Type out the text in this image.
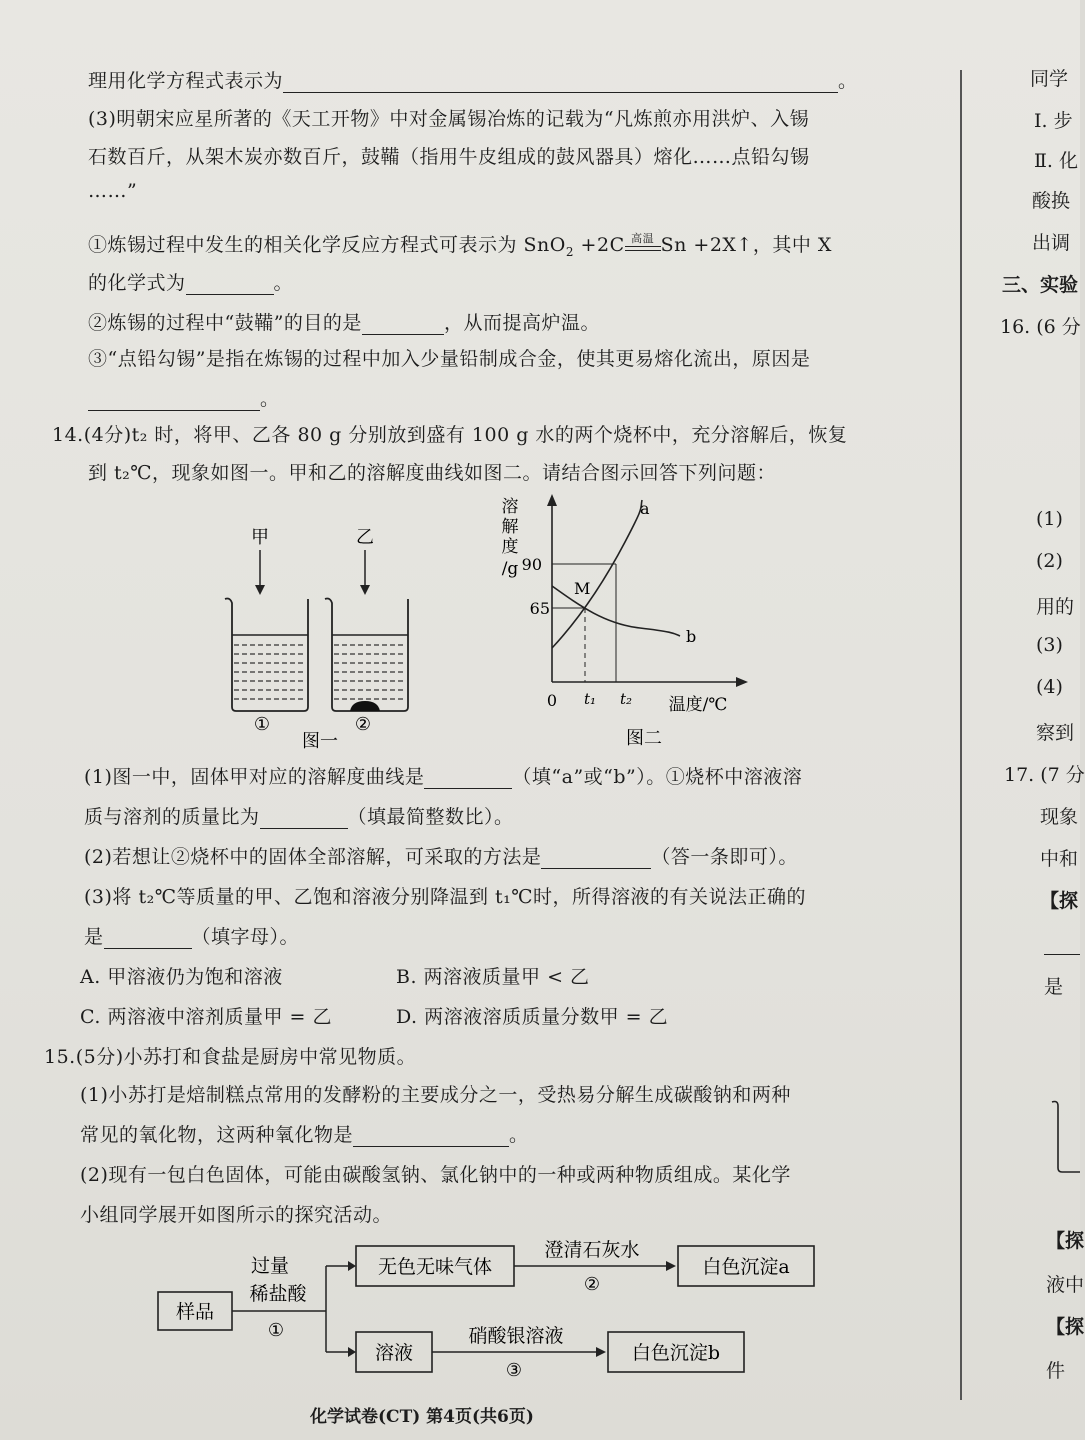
理用化学方程式表示为	。
(3)明朝宋应星所著的《天工开物》中对金属锡冶炼的记载为“凡炼煎亦用洪炉、入锡
石数百斤，从架木炭亦数百斤，鼓鞴（指用牛皮组成的鼓风器具）熔化……点铅勾锡
……”
①炼锡过程中发生的相关化学反应方程式可表示为 SnO$_2$ +2C 高温 Sn +2X↑，其中 X
的化学式为	。
②炼锡的过程中“鼓鞴”的目的是	，从而提高炉温。
③“点铅勾锡”是指在炼锡的过程中加入少量铅制成合金，使其更易熔化流出，原因是
。
14.(4分)t₂ 时，将甲、乙各 80 g 分别放到盛有 100 g 水的两个烧杯中，充分溶解后，恢复
到 t₂℃，现象如图一。甲和乙的溶解度曲线如图二。请结合图示回答下列问题：
甲	乙
①	②
图一
溶
解
度
/g 90
65
0 t₁ t₂ 温度/℃
a
b
M
图二
(1)图一中，固体甲对应的溶解度曲线是	（填“a”或“b”）。①烧杯中溶液溶
质与溶剂的质量比为	（填最简整数比）。
(2)若想让②烧杯中的固体全部溶解，可采取的方法是	（答一条即可）。
(3)将 t₂℃等质量的甲、乙饱和溶液分别降温到 t₁℃时，所得溶液的有关说法正确的
是	（填字母）。
A. 甲溶液仍为饱和溶液	B. 两溶液质量甲 < 乙
C. 两溶液中溶剂质量甲 = 乙	D. 两溶液溶质质量分数甲 = 乙
15.(5分)小苏打和食盐是厨房中常见物质。
(1)小苏打是焙制糕点常用的发酵粉的主要成分之一，受热易分解生成碳酸钠和两种
常见的氧化物，这两种氧化物是	。
(2)现有一包白色固体，可能由碳酸氢钠、氯化钠中的一种或两种物质组成。某化学
小组同学展开如图所示的探究活动。
样品
过量
稀盐酸
①
无色无味气体
澄清石灰水
②
白色沉淀a
溶液
硝酸银溶液
③
白色沉淀b
同学
Ⅰ. 步
Ⅱ. 化
酸换
出调
三、实验
16. (6 分
(1)
(2)
用的
(3)
(4)
察到
17. (7 分
现象
中和
【探
是
【探
液中
【探
件
化学试卷(CT) 第4页(共6页)
